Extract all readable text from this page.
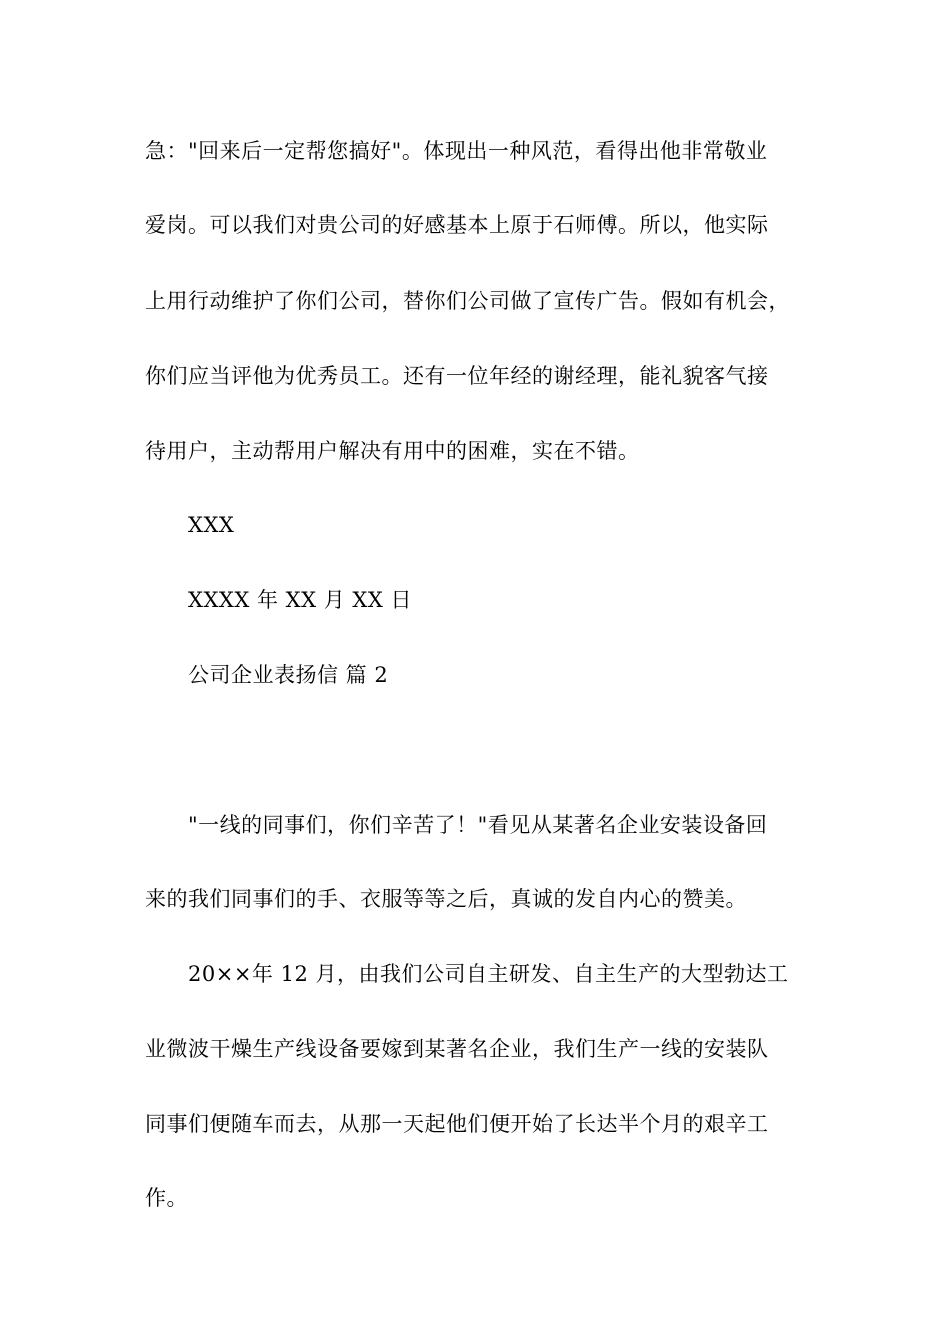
急："回来后一定帮您搞好"。体现出一种风范，看得出他非常敬业
爱岗。可以我们对贵公司的好感基本上原于石师傅。所以，他实际
上用行动维护了你们公司，替你们公司做了宣传广告。假如有机会，
你们应当评他为优秀员工。还有一位年经的谢经理，能礼貌客气接
待用户，主动帮用户解决有用中的困难，实在不错。
XXX
XXXX 年 XX 月 XX 日
公司企业表扬信 篇 2
"一线的同事们，你们辛苦了！"看见从某著名企业安装设备回
来的我们同事们的手、衣服等等之后，真诚的发自内心的赞美。
20××年 12 月，由我们公司自主研发、自主生产的大型勃达工
业微波干燥生产线设备要嫁到某著名企业，我们生产一线的安装队
同事们便随车而去，从那一天起他们便开始了长达半个月的艰辛工
作。
